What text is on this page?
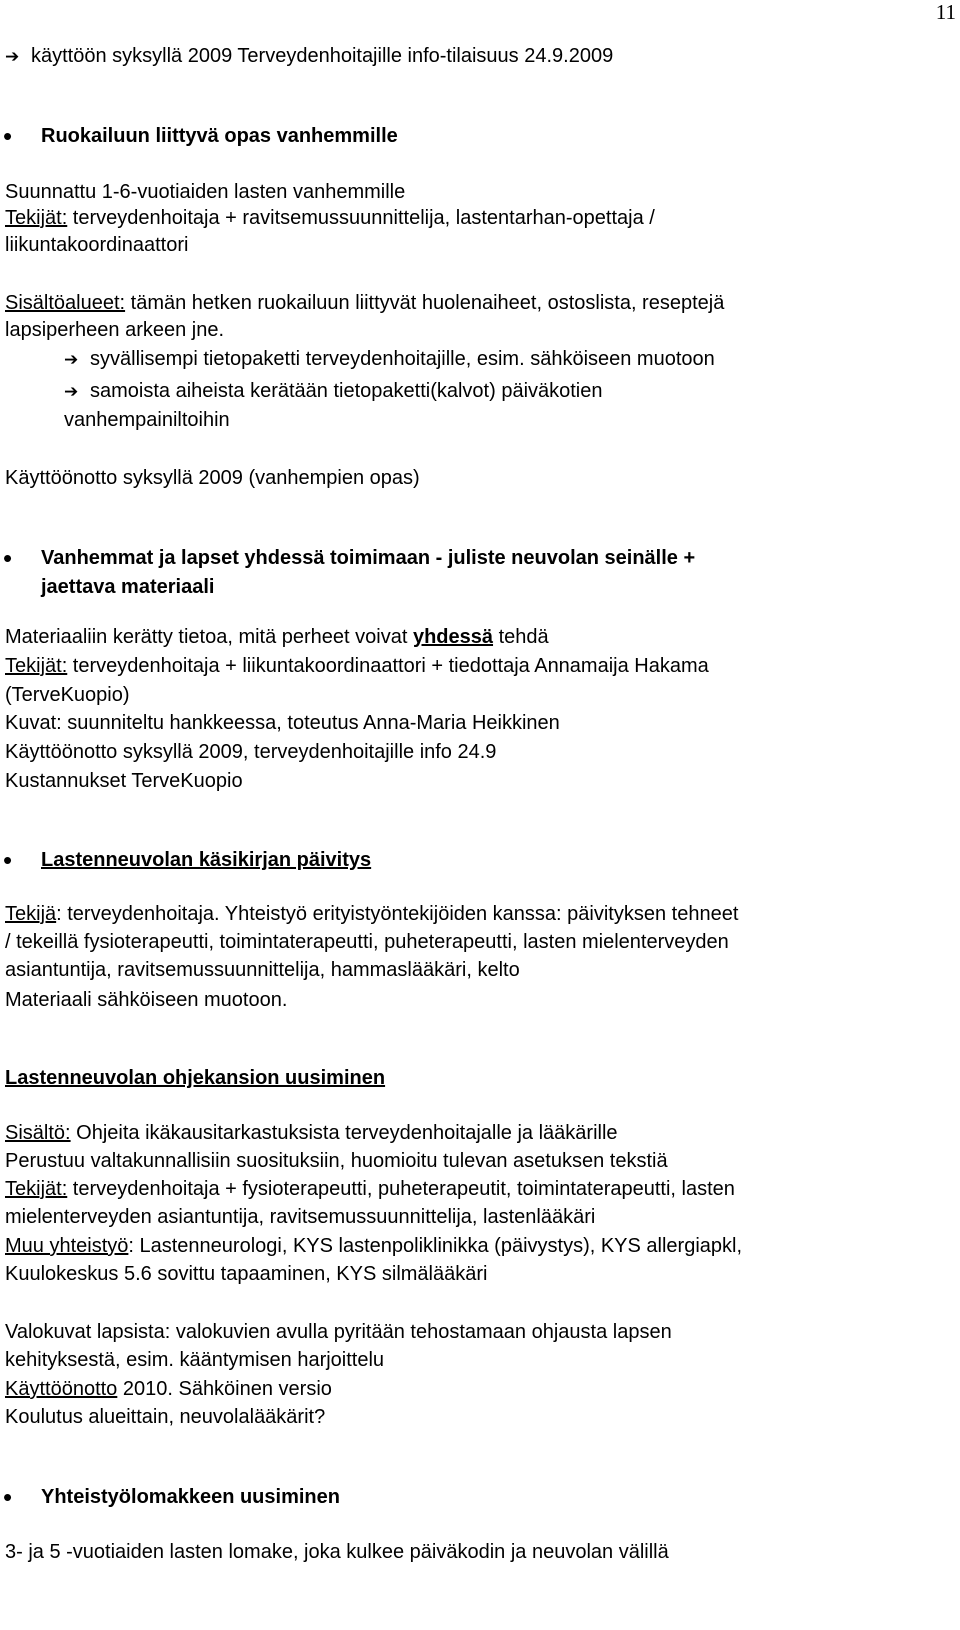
11
➔ käyttöön syksyllä 2009 Terveydenhoitajille info-tilaisuus 24.9.2009
• Ruokailuun liittyvä opas vanhemmille
Suunnattu 1-6-vuotiaiden lasten vanhemmille
Tekijät: terveydenhoitaja + ravitsemussuunnittelija, lastentarhan-opettaja /
liikuntakoordinaattori
Sisältöalueet: tämän hetken ruokailuun liittyvät huolenaiheet, ostoslista, reseptejä
lapsiperheen arkeen jne.
➔ syvällisempi tietopaketti terveydenhoitajille, esim. sähköiseen muotoon
➔ samoista aiheista kerätään tietopaketti(kalvot) päiväkotien
vanhempainiltoihin
Käyttöönotto syksyllä 2009 (vanhempien opas)
• Vanhemmat ja lapset yhdessä toimimaan - juliste neuvolan seinälle +
jaettava materiaali
Materiaaliin kerätty tietoa, mitä perheet voivat yhdessä tehdä
Tekijät: terveydenhoitaja + liikuntakoordinaattori + tiedottaja Annamaija Hakama
(TerveKuopio)
Kuvat: suunniteltu hankkeessa, toteutus Anna-Maria Heikkinen
Käyttöönotto syksyllä 2009, terveydenhoitajille info 24.9
Kustannukset TerveKuopio
• Lastenneuvolan käsikirjan päivitys
Tekijä: terveydenhoitaja. Yhteistyö erityistyöntekijöiden kanssa: päivityksen tehneet
/ tekeillä fysioterapeutti, toimintaterapeutti, puheterapeutti, lasten mielenterveyden
asiantuntija, ravitsemussuunnittelija, hammaslääkäri, kelto
Materiaali sähköiseen muotoon.
Lastenneuvolan ohjekansion uusiminen
Sisältö: Ohjeita ikäkausitarkastuksista terveydenhoitajalle ja lääkärille
Perustuu valtakunnallisiin suosituksiin, huomioitu tulevan asetuksen tekstiä
Tekijät: terveydenhoitaja + fysioterapeutti, puheterapeutit, toimintaterapeutti, lasten
mielenterveyden asiantuntija, ravitsemussuunnittelija, lastenlääkäri
Muu yhteistyö: Lastenneurologi, KYS lastenpoliklinikka (päivystys), KYS allergiapkl,
Kuulokeskus 5.6 sovittu tapaaminen, KYS silmälääkäri
Valokuvat lapsista: valokuvien avulla pyritään tehostamaan ohjausta lapsen
kehityksestä, esim. kääntymisen harjoittelu
Käyttöönotto 2010. Sähköinen versio
Koulutus alueittain, neuvolalääkärit?
• Yhteistyölomakkeen uusiminen
3- ja 5 -vuotiaiden lasten lomake, joka kulkee päiväkodin ja neuvolan välillä
